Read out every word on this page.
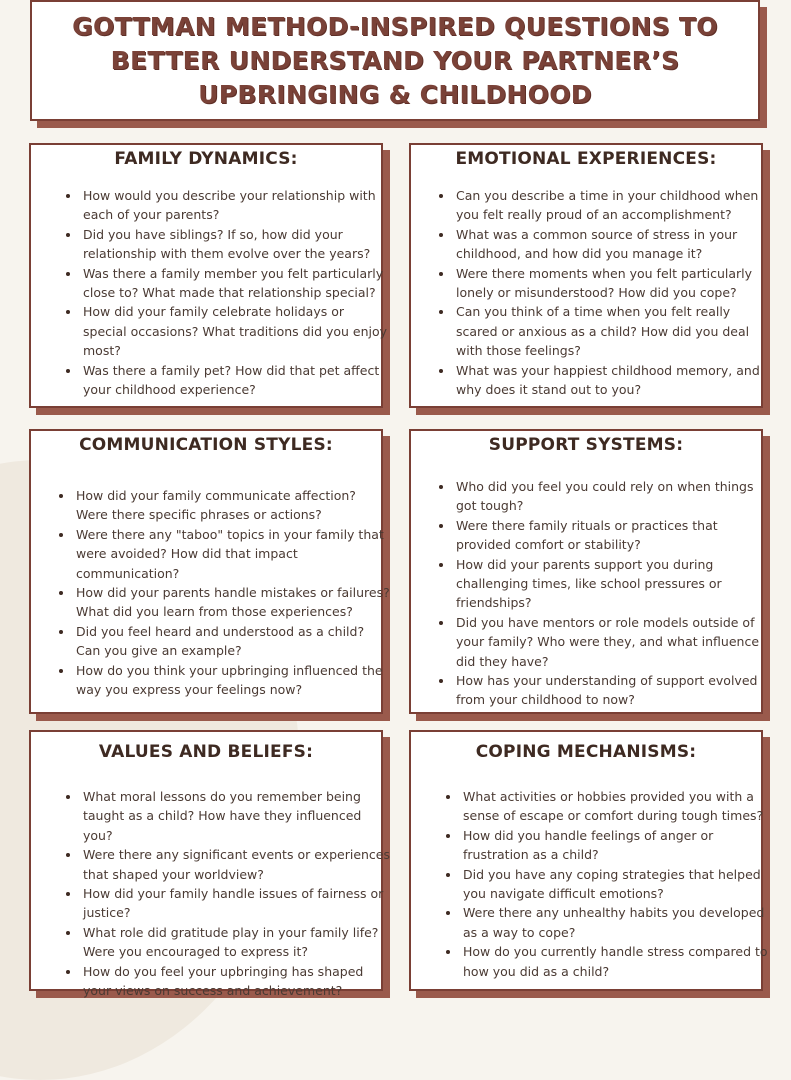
GOTTMAN METHOD-INSPIRED QUESTIONS TO
BETTER UNDERSTAND YOUR PARTNER’S
UPBRINGING & CHILDHOOD
FAMILY DYNAMICS:
• How would you describe your relationship with each of your parents?
• Did you have siblings? If so, how did your relationship with them evolve over the years?
• Was there a family member you felt particularly close to? What made that relationship special?
• How did your family celebrate holidays or special occasions? What traditions did you enjoy most?
• Was there a family pet? How did that pet affect your childhood experience?
EMOTIONAL EXPERIENCES:
• Can you describe a time in your childhood when you felt really proud of an accomplishment?
• What was a common source of stress in your childhood, and how did you manage it?
• Were there moments when you felt particularly lonely or misunderstood? How did you cope?
• Can you think of a time when you felt really scared or anxious as a child? How did you deal with those feelings?
• What was your happiest childhood memory, and why does it stand out to you?
COMMUNICATION STYLES:
• How did your family communicate affection? Were there specific phrases or actions?
• Were there any "taboo" topics in your family that were avoided? How did that impact communication?
• How did your parents handle mistakes or failures? What did you learn from those experiences?
• Did you feel heard and understood as a child? Can you give an example?
• How do you think your upbringing influenced the way you express your feelings now?
SUPPORT SYSTEMS:
• Who did you feel you could rely on when things got tough?
• Were there family rituals or practices that provided comfort or stability?
• How did your parents support you during challenging times, like school pressures or friendships?
• Did you have mentors or role models outside of your family? Who were they, and what influence did they have?
• How has your understanding of support evolved from your childhood to now?
VALUES AND BELIEFS:
• What moral lessons do you remember being taught as a child? How have they influenced you?
• Were there any significant events or experiences that shaped your worldview?
• How did your family handle issues of fairness or justice?
• What role did gratitude play in your family life? Were you encouraged to express it?
• How do you feel your upbringing has shaped your views on success and achievement?
COPING MECHANISMS:
• What activities or hobbies provided you with a sense of escape or comfort during tough times?
• How did you handle feelings of anger or frustration as a child?
• Did you have any coping strategies that helped you navigate difficult emotions?
• Were there any unhealthy habits you developed as a way to cope?
• How do you currently handle stress compared to how you did as a child?
